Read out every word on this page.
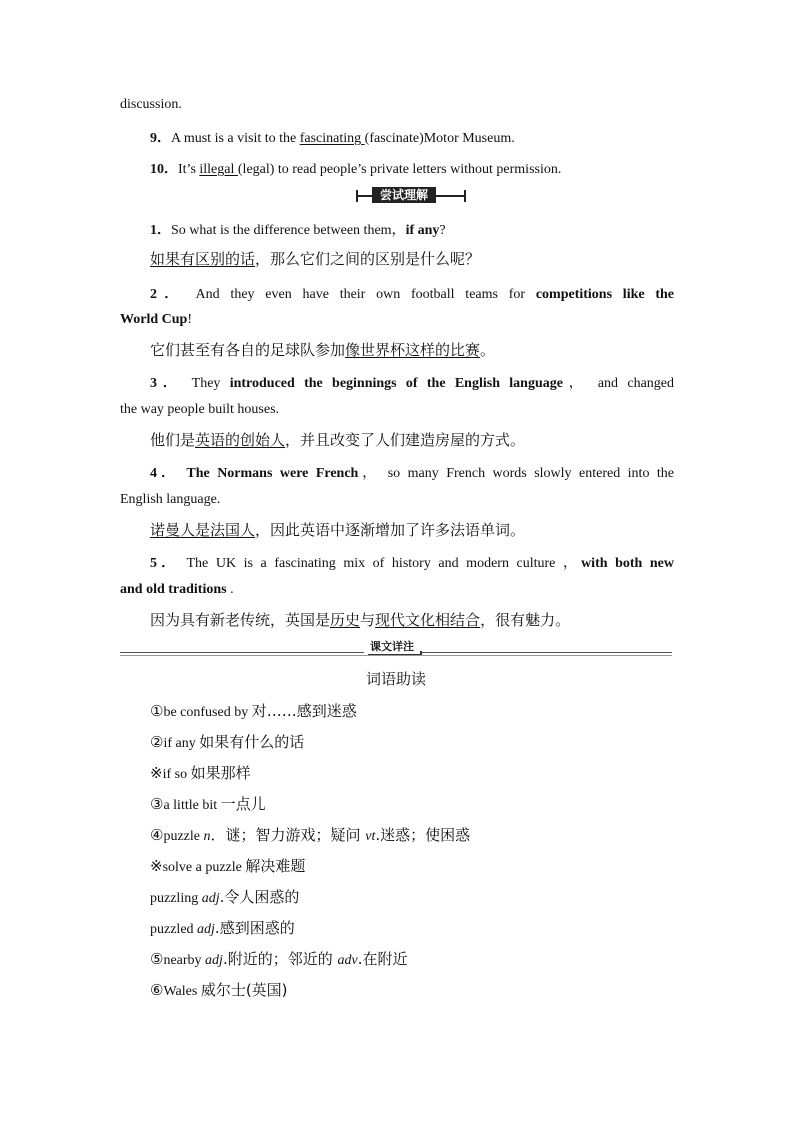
discussion.
9．A must is a visit to the fascinating (fascinate)Motor Museum.
10．It’s illegal (legal) to read people’s private letters without permission.
尝试理解
1．So what is the difference between them，if any?
如果有区别的话，那么它们之间的区别是什么呢？
2． And they even have their own football teams for competitions like the
World Cup!
它们甚至有各自的足球队参加像世界杯这样的比赛。
3． They introduced the beginnings of the English language， and changed
the way people built houses.
他们是英语的创始人，并且改变了人们建造房屋的方式。
4． The Normans were French， so many French words slowly entered into the
English language.
诺曼人是法国人，因此英语中逐渐增加了许多法语单词。
5． The UK is a fascinating mix of history and modern culture ，with both new
and old traditions .
因为具有新老传统，英国是历史与现代文化相结合，很有魅力。
课文详注
词语助读
①be confused by 对……感到迷惑
②if any 如果有什么的话
※if so 如果那样
③a little bit 一点儿
④puzzle n．谜；智力游戏；疑问 vt.迷惑；使困惑
※solve a puzzle 解决难题
puzzling adj.令人困惑的
puzzled adj.感到困惑的
⑤nearby adj.附近的；邻近的 adv.在附近
⑥Wales 威尔士(英国)
